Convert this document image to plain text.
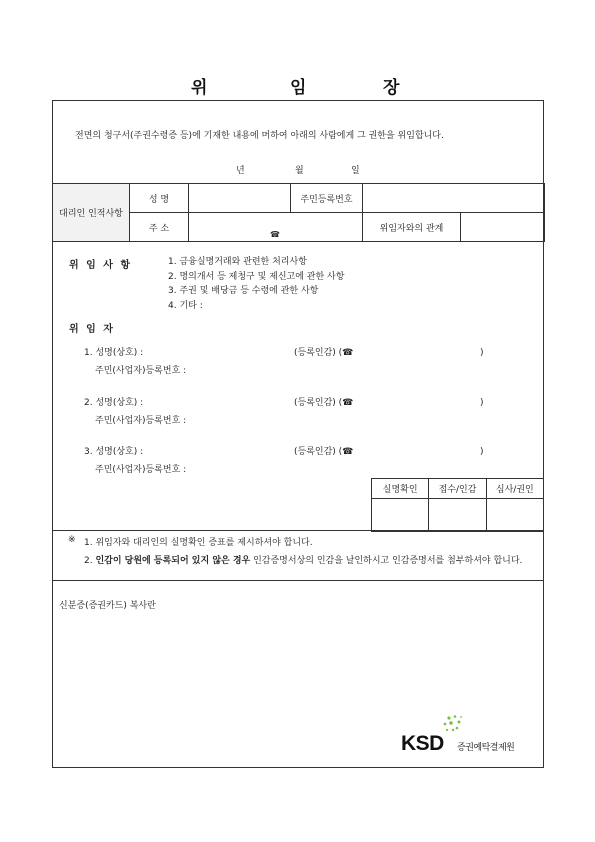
위	임	장
전면의 청구서(주권수령증 등)에 기재한 내용에 머하여 아래의 사람에게 그 권한을 위임합니다.
년	월	일
대리인 인적사항	성 명		주민등록번호		
	주 소	☎		위임자와의 관계	
위 임 사 항	1. 금융실명거래와 관련한 처리사항
2. 명의개서 등 제청구 및 제신고에 관한 사항
3. 주권 및 배당금 등 수령에 관한 사항
4. 기타 :
위 임 자
1. 성명(상호) :	(등록인감) (☎	)
주민(사업자)등록번호 :
2. 성명(상호) :	(등록인감) (☎	)
주민(사업자)등록번호 :
3. 성명(상호) :	(등록인감) (☎	)
주민(사업자)등록번호 :
실명확인	접수/인감	심사/권인

※ 1. 위임자와 대리인의 실명확인 증표를 제시하셔야 합니다.
2. 인감이 당원에 등록되어 있지 않은 경우 인감증명서상의 인감을 날인하시고 인감증명서를 첨부하셔야 합니다.
신분증(증권카드) 복사란
KSD 증권예탁결제원
